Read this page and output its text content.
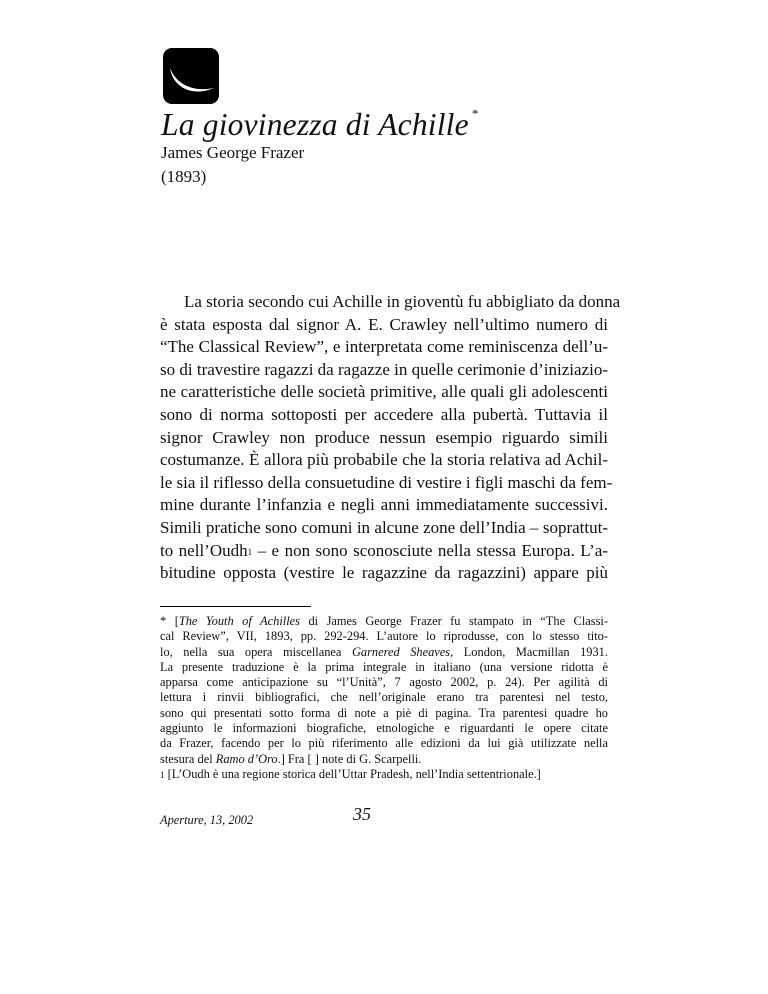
La giovinezza di Achille *
James George Frazer
(1893)
La storia secondo cui Achille in gioventù fu abbigliato da donna
è stata esposta dal signor A. E. Crawley nell’ultimo numero di
“The Classical Review”, e interpretata come reminiscenza dell’u-
so di travestire ragazzi da ragazze in quelle cerimonie d’iniziazio-
ne caratteristiche delle società primitive, alle quali gli adolescenti
sono di norma sottoposti per accedere alla pubertà. Tuttavia il
signor Crawley non produce nessun esempio riguardo simili
costumanze. È allora più probabile che la storia relativa ad Achil-
le sia il riflesso della consuetudine di vestire i figli maschi da fem-
mine durante l’infanzia e negli anni immediatamente successivi.
Simili pratiche sono comuni in alcune zone dell’India – soprattut-
to nell’Oudh$^1$ – e non sono sconosciute nella stessa Europa. L’a-
bitudine opposta (vestire le ragazzine da ragazzini) appare più
* [The Youth of Achilles di James George Frazer fu stampato in “The Classi-
cal Review”, VII, 1893, pp. 292-294. L’autore lo riprodusse, con lo stesso tito-
lo, nella sua opera miscellanea Garnered Sheaves, London, Macmillan 1931.
La presente traduzione è la prima integrale in italiano (una versione ridotta è
apparsa come anticipazione su “l’Unità”, 7 agosto 2002, p. 24). Per agilità di
lettura i rinvii bibliografici, che nell’originale erano tra parentesi nel testo,
sono qui presentati sotto forma di note a piè di pagina. Tra parentesi quadre ho
aggiunto le informazioni biografiche, etnologiche e riguardanti le opere citate
da Frazer, facendo per lo più riferimento alle edizioni da lui già utilizzate nella
stesura del Ramo d’Oro.] Fra [ ] note di G. Scarpelli.
$^1$ [L’Oudh è una regione storica dell’Uttar Pradesh, nell’India settentrionale.]
Aperture, 13, 2002	35
